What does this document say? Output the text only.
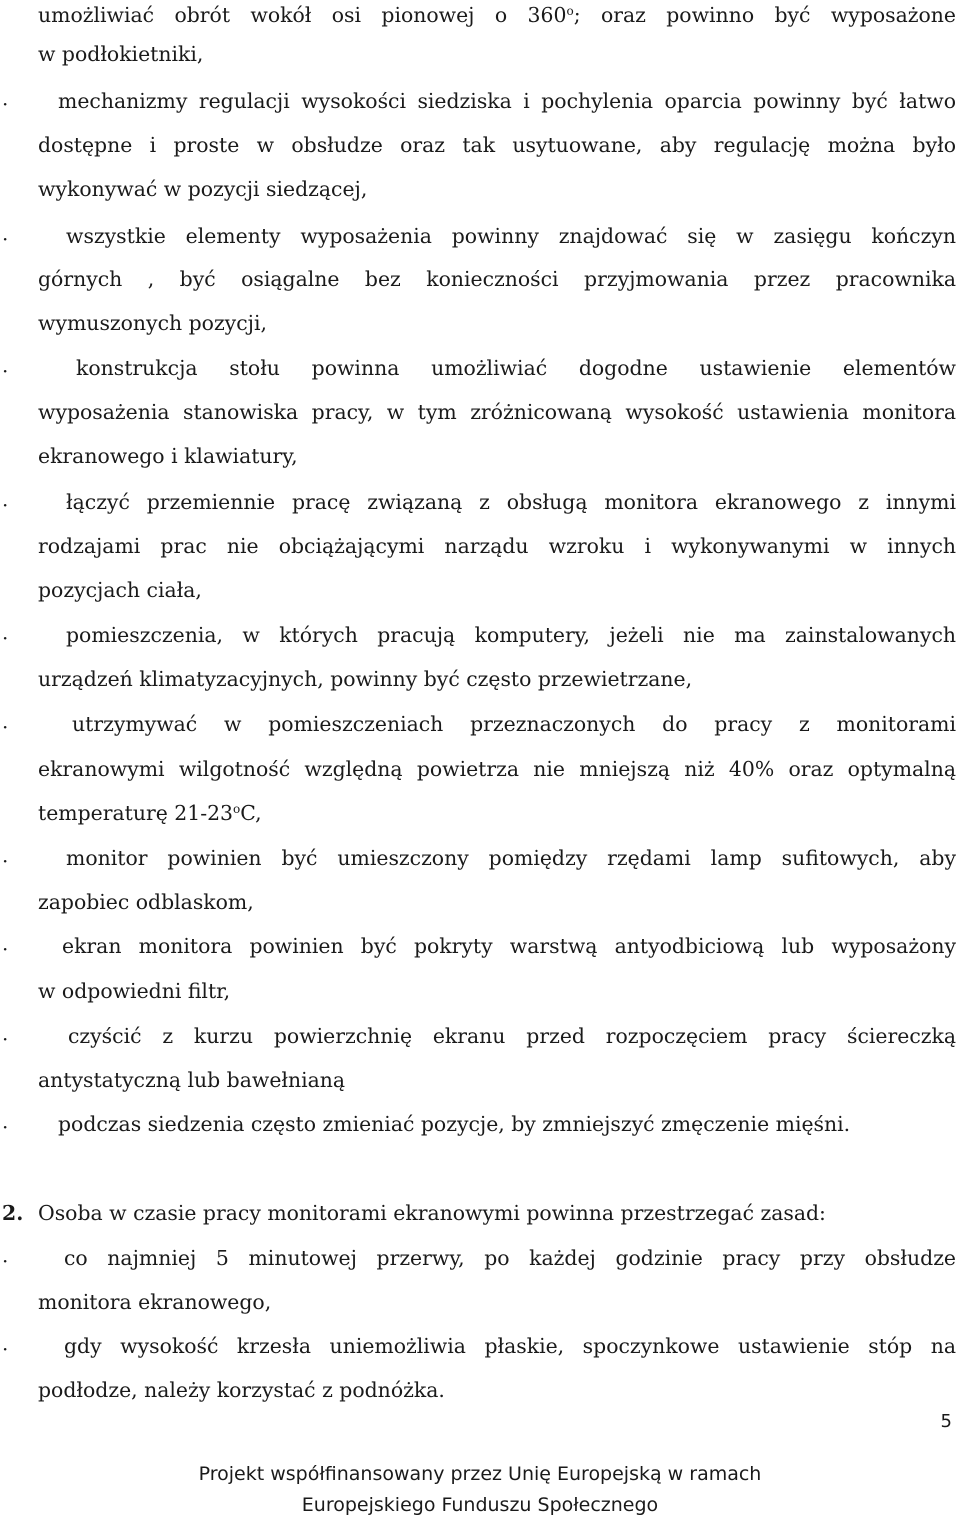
umożliwiać obrót wokół osi pionowej o 360$^o$; oraz powinno być wyposażone
w podłokietniki,
· mechanizmy regulacji wysokości siedziska i pochylenia oparcia powinny być łatwo
dostępne i proste w obsłudze oraz tak usytuowane, aby regulację można było
wykonywać w pozycji siedzącej,
·	wszystkie elementy wyposażenia powinny znajdować się w zasięgu kończyn
górnych , być osiągalne bez konieczności przyjmowania przez pracownika
wymuszonych pozycji,
·	konstrukcja stołu powinna umożliwiać dogodne ustawienie elementów
wyposażenia stanowiska pracy, w tym zróżnicowaną wysokość ustawienia monitora
ekranowego i klawiatury,
·	łączyć przemiennie pracę związaną z obsługą monitora ekranowego z innymi
rodzajami prac nie obciążającymi narządu wzroku i wykonywanymi w innych
pozycjach ciała,
·	pomieszczenia, w których pracują komputery, jeżeli nie ma zainstalowanych
urządzeń klimatyzacyjnych, powinny być często przewietrzane,
·	utrzymywać w pomieszczeniach przeznaczonych do pracy z monitorami
ekranowymi wilgotność względną powietrza nie mniejszą niż 40% oraz optymalną
temperaturę $21-23^oC$,
·	monitor powinien być umieszczony pomiędzy rzędami lamp sufitowych, aby
zapobiec odblaskom,
·	ekran monitora powinien być pokryty warstwą antyodbiciową lub wyposażony
w odpowiedni filtr,
·	czyścić z kurzu powierzchnię ekranu przed rozpoczęciem pracy ściereczką
antystatyczną lub bawełnianą
· podczas siedzenia często zmieniać pozycje, by zmniejszyć zmęczenie mięśni.
2. Osoba w czasie pracy monitorami ekranowymi powinna przestrzegać zasad:
·	co najmniej 5 minutowej przerwy, po każdej godzinie pracy przy obsłudze
monitora ekranowego,
·	gdy wysokość krzesła uniemożliwia płaskie, spoczynkowe ustawienie stóp na
podłodze, należy korzystać z podnóżka.
5
Projekt współfinansowany przez Unię Europejską w ramach
Europejskiego Funduszu Społecznego
